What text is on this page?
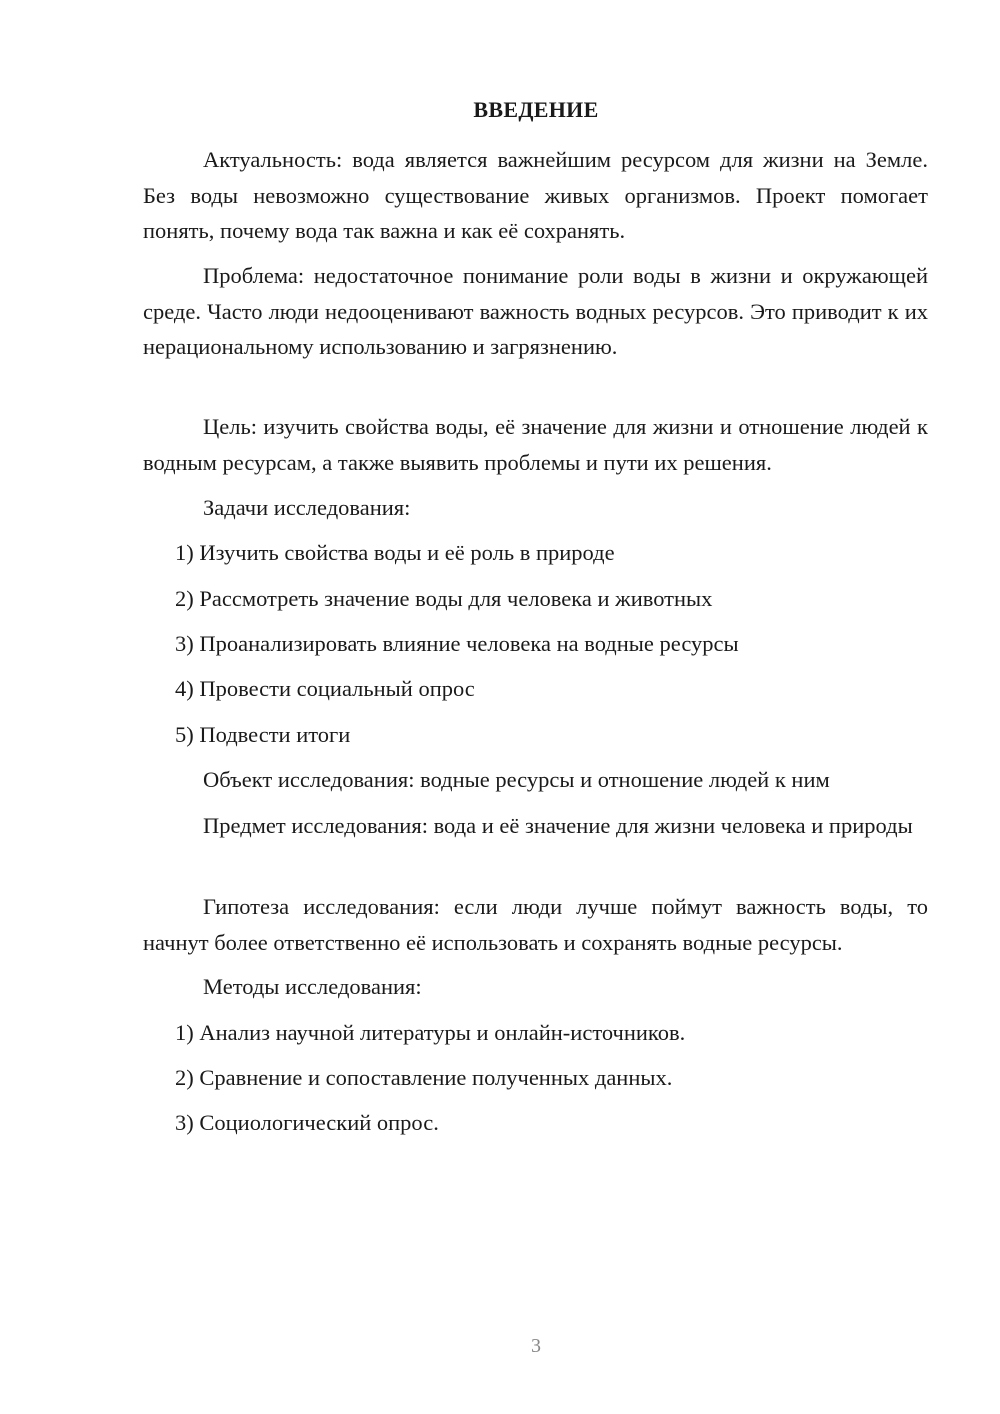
ВВЕДЕНИЕ

Актуальность: вода является важнейшим ресурсом для жизни на Земле. Без воды невозможно существование живых организмов. Проект помогает понять, почему вода так важна и как её сохранять.

Проблема: недостаточное понимание роли воды в жизни и окружающей среде. Часто люди недооценивают важность водных ресурсов. Это приводит к их нерациональному использованию и загрязнению.

Цель: изучить свойства воды, её значение для жизни и отношение людей к водным ресурсам, а также выявить проблемы и пути их решения.

Задачи исследования:

1) Изучить свойства воды и её роль в природе

2) Рассмотреть значение воды для человека и животных

3) Проанализировать влияние человека на водные ресурсы

4) Провести социальный опрос

5) Подвести итоги

Объект исследования: водные ресурсы и отношение людей к ним

Предмет исследования: вода и её значение для жизни человека и природы

Гипотеза исследования: если люди лучше поймут важность воды, то начнут более ответственно её использовать и сохранять водные ресурсы.

Методы исследования:

1) Анализ научной литературы и онлайн-источников.

2) Сравнение и сопоставление полученных данных.

3) Социологический опрос.

3
